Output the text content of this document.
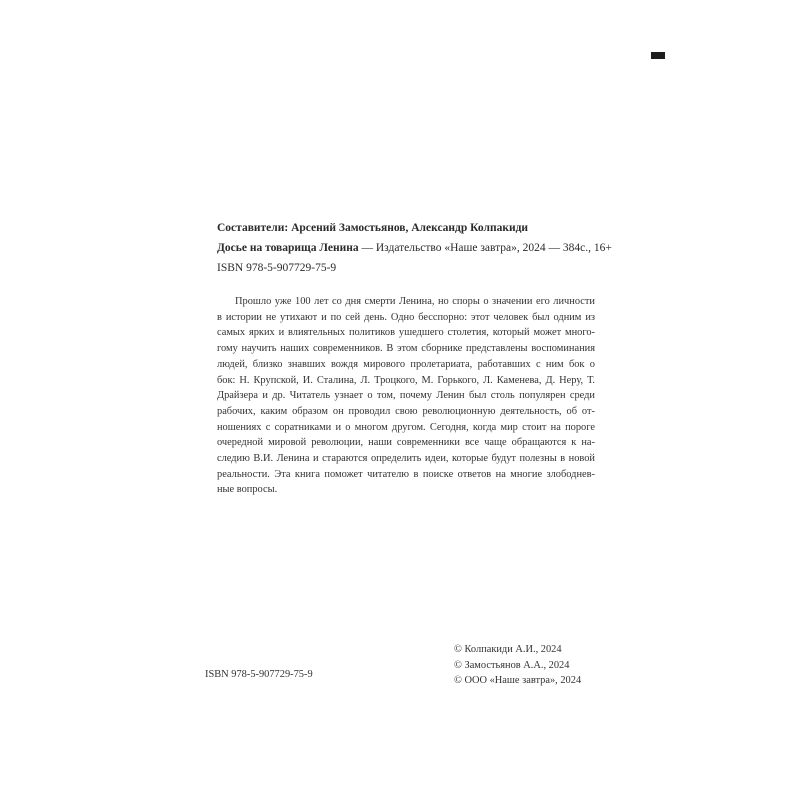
Составители: Арсений Замостьянов, Александр Колпакиди
Досье на товарища Ленина — Издательство «Наше завтра», 2024 — 384с., 16+
ISBN 978-5-907729-75-9
Прошло уже 100 лет со дня смерти Ленина, но споры о значении его личности
в истории не утихают и по сей день. Одно бесспорно: этот человек был одним из
самых ярких и влиятельных политиков ушедшего столетия, который может много-
гому научить наших современников. В этом сборнике представлены воспоминания
людей, близко знавших вождя мирового пролетариата, работавших с ним бок о
бок: Н. Крупской, И. Сталина, Л. Троцкого, М. Горького, Л. Каменева, Д. Неру, Т.
Драйзера и др. Читатель узнает о том, почему Ленин был столь популярен среди
рабочих, каким образом он проводил свою революционную деятельность, об от-
ношениях с соратниками и о многом другом. Сегодня, когда мир стоит на пороге
очередной мировой революции, наши современники все чаще обращаются к на-
следию В.И. Ленина и стараются определить идеи, которые будут полезны в новой
реальности. Эта книга поможет читателю в поиске ответов на многие злободнев-
ные вопросы.
ISBN 978-5-907729-75-9
© Колпакиди А.И., 2024
© Замостьянов А.А., 2024
© ООО «Наше завтра», 2024
